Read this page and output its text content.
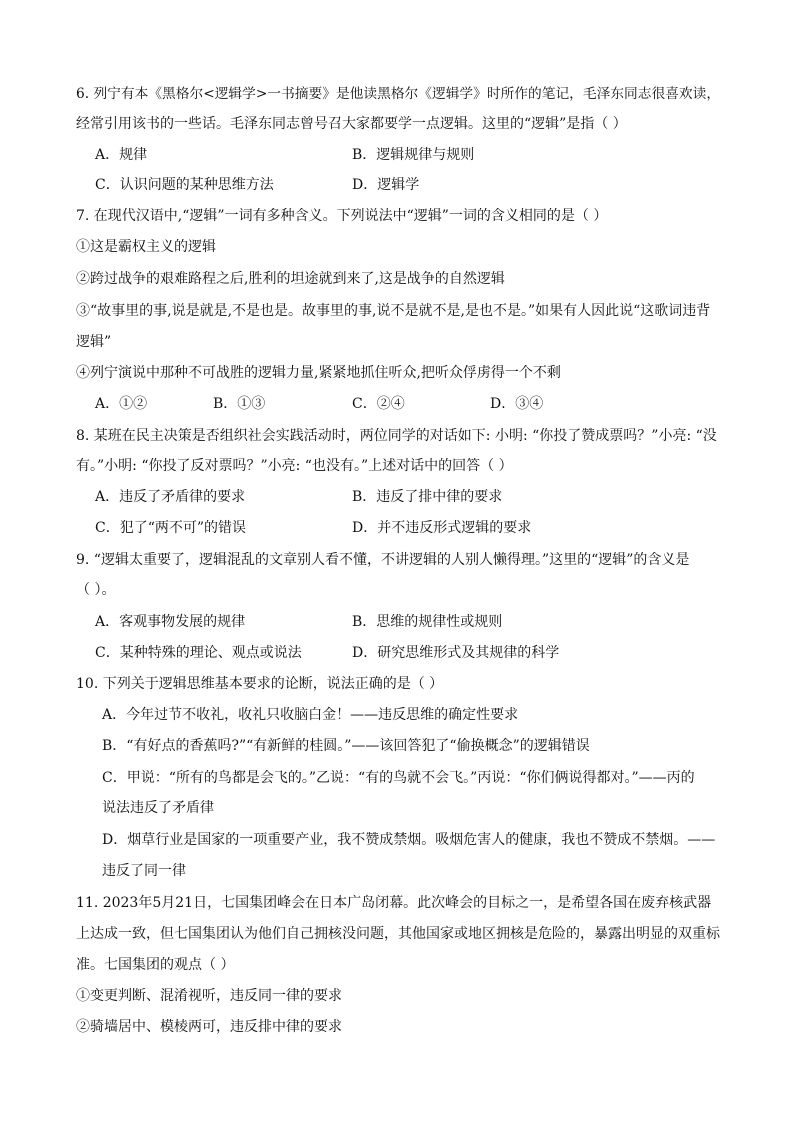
6. 列宁有本《黑格尔<逻辑学>一书摘要》是他读黑格尔《逻辑学》时所作的笔记，毛泽东同志很喜欢读，
经常引用该书的一些话。毛泽东同志曾号召大家都要学一点逻辑。这里的“逻辑”是指（ ）
A．规律	B．逻辑规律与规则
C．认识问题的某种思维方法	D．逻辑学
7. 在现代汉语中,“逻辑”一词有多种含义。下列说法中“逻辑”一词的含义相同的是（ ）
①这是霸权主义的逻辑
②跨过战争的艰难路程之后,胜利的坦途就到来了,这是战争的自然逻辑
③“故事里的事,说是就是,不是也是。故事里的事,说不是就不是,是也不是。”如果有人因此说“这歌词违背
逻辑”
④列宁演说中那种不可战胜的逻辑力量,紧紧地抓住听众,把听众俘虏得一个不剩
A．①②	B．①③	C．②④	D．③④
8. 某班在民主决策是否组织社会实践活动时，两位同学的对话如下: 小明: “你投了赞成票吗？”小亮: “没
有。”小明: “你投了反对票吗？”小亮: “也没有。”上述对话中的回答（ ）
A．违反了矛盾律的要求	B．违反了排中律的要求
C．犯了“两不可”的错误	D．并不违反形式逻辑的要求
9. “逻辑太重要了，逻辑混乱的文章别人看不懂，不讲逻辑的人别人懒得理。”这里的“逻辑”的含义是
（ ）。
A．客观事物发展的规律	B．思维的规律性或规则
C．某种特殊的理论、观点或说法	D．研究思维形式及其规律的科学
10. 下列关于逻辑思维基本要求的论断，说法正确的是（ ）
A．今年过节不收礼，收礼只收脑白金！——违反思维的确定性要求
B．“有好点的香蕉吗?”“有新鲜的桂圆。”——该回答犯了“偷换概念”的逻辑错误
C．甲说：“所有的鸟都是会飞的。”乙说：“有的鸟就不会飞。”丙说：“你们俩说得都对。”——丙的
说法违反了矛盾律
D．烟草行业是国家的一项重要产业，我不赞成禁烟。吸烟危害人的健康，我也不赞成不禁烟。——
违反了同一律
11. 2023年5月21日，七国集团峰会在日本广岛闭幕。此次峰会的目标之一，是希望各国在废弃核武器
上达成一致，但七国集团认为他们自己拥核没问题，其他国家或地区拥核是危险的，暴露出明显的双重标
准。七国集团的观点（ ）
①变更判断、混淆视听，违反同一律的要求
②骑墙居中、模棱两可，违反排中律的要求
